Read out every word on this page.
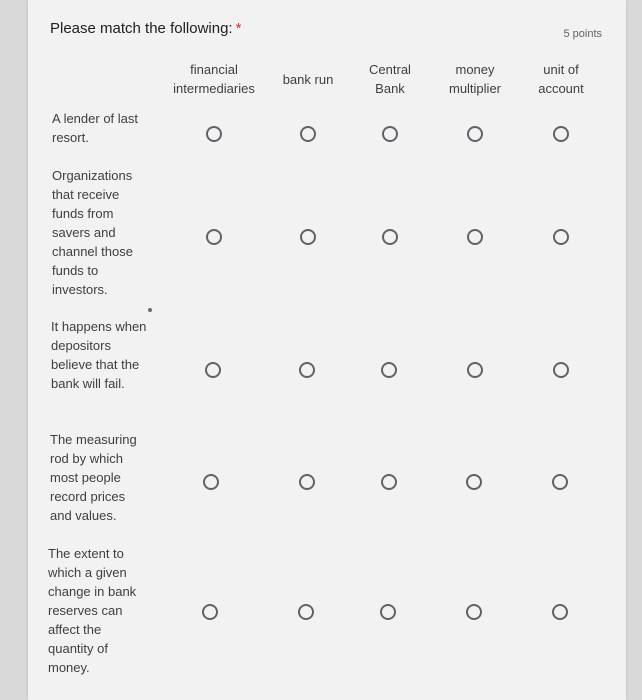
Please match the following: *	5 points
financial intermediaries
bank run
Central Bank
money multiplier
unit of account
A lender of last resort.
Organizations that receive funds from savers and channel those funds to investors.
It happens when depositors believe that the bank will fail.
The measuring rod by which most people record prices and values.
The extent to which a given change in bank reserves can affect the quantity of money.
